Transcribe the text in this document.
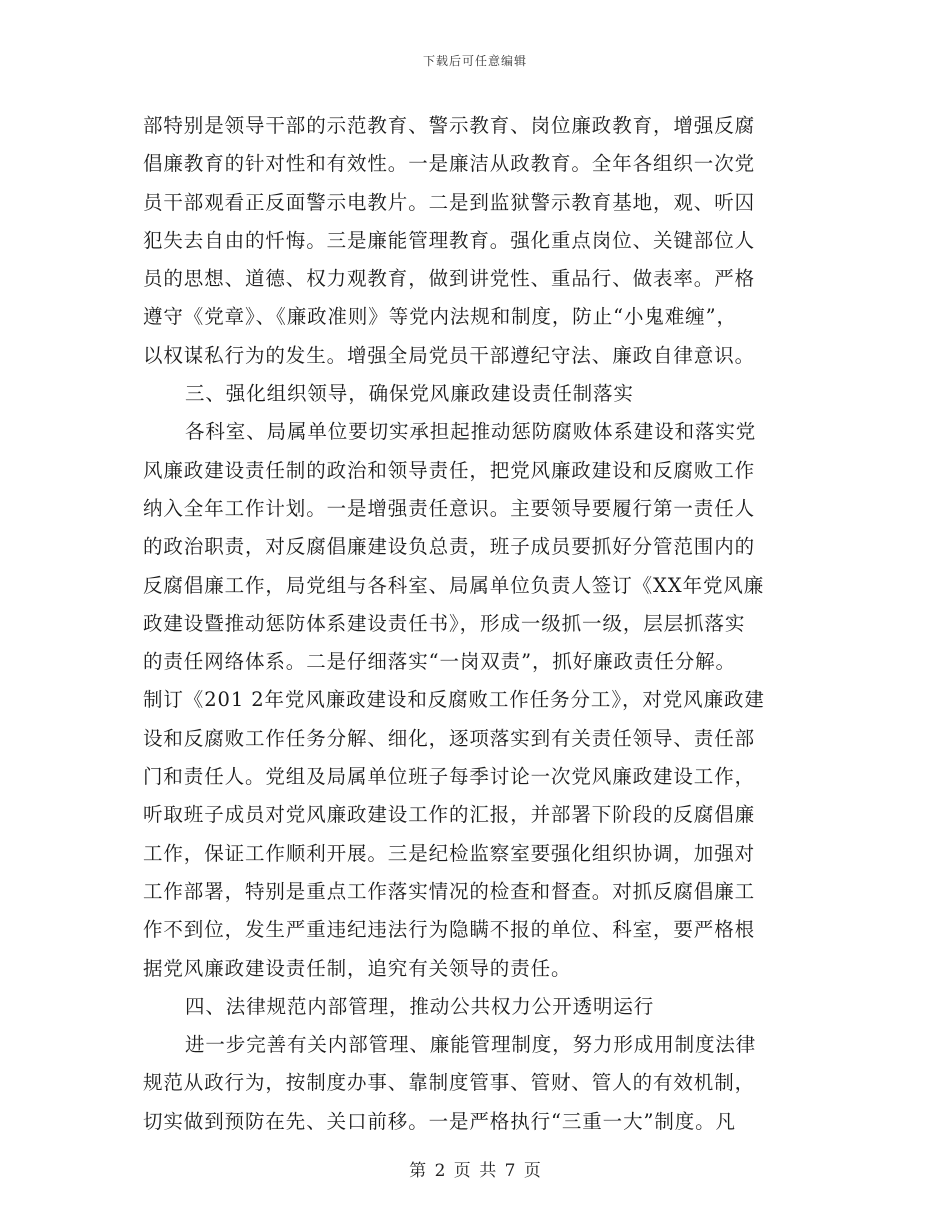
下载后可任意编辑
部特别是领导干部的示范教育、警示教育、岗位廉政教育，增强反腐
倡廉教育的针对性和有效性。一是廉洁从政教育。全年各组织一次党
员干部观看正反面警示电教片。二是到监狱警示教育基地，观、听囚
犯失去自由的忏悔。三是廉能管理教育。强化重点岗位、关键部位人
员的思想、道德、权力观教育，做到讲党性、重品行、做表率。严格
遵守《党章》、《廉政准则》等党内法规和制度，防止“小鬼难缠”，
以权谋私行为的发生。增强全局党员干部遵纪守法、廉政自律意识。
三、强化组织领导，确保党风廉政建设责任制落实
各科室、局属单位要切实承担起推动惩防腐败体系建设和落实党
风廉政建设责任制的政治和领导责任，把党风廉政建设和反腐败工作
纳入全年工作计划。一是增强责任意识。主要领导要履行第一责任人
的政治职责，对反腐倡廉建设负总责，班子成员要抓好分管范围内的
反腐倡廉工作，局党组与各科室、局属单位负责人签订《XX年党风廉
政建设暨推动惩防体系建设责任书》，形成一级抓一级，层层抓落实
的责任网络体系。二是仔细落实“一岗双责”，抓好廉政责任分解。
制订《201 2年党风廉政建设和反腐败工作任务分工》，对党风廉政建
设和反腐败工作任务分解、细化，逐项落实到有关责任领导、责任部
门和责任人。党组及局属单位班子每季讨论一次党风廉政建设工作，
听取班子成员对党风廉政建设工作的汇报，并部署下阶段的反腐倡廉
工作，保证工作顺利开展。三是纪检监察室要强化组织协调，加强对
工作部署，特别是重点工作落实情况的检查和督查。对抓反腐倡廉工
作不到位，发生严重违纪违法行为隐瞒不报的单位、科室，要严格根
据党风廉政建设责任制，追究有关领导的责任。
四、法律规范内部管理，推动公共权力公开透明运行
进一步完善有关内部管理、廉能管理制度，努力形成用制度法律
规范从政行为，按制度办事、靠制度管事、管财、管人的有效机制，
切实做到预防在先、关口前移。一是严格执行“三重一大”制度。凡
第 2 页 共 7 页
